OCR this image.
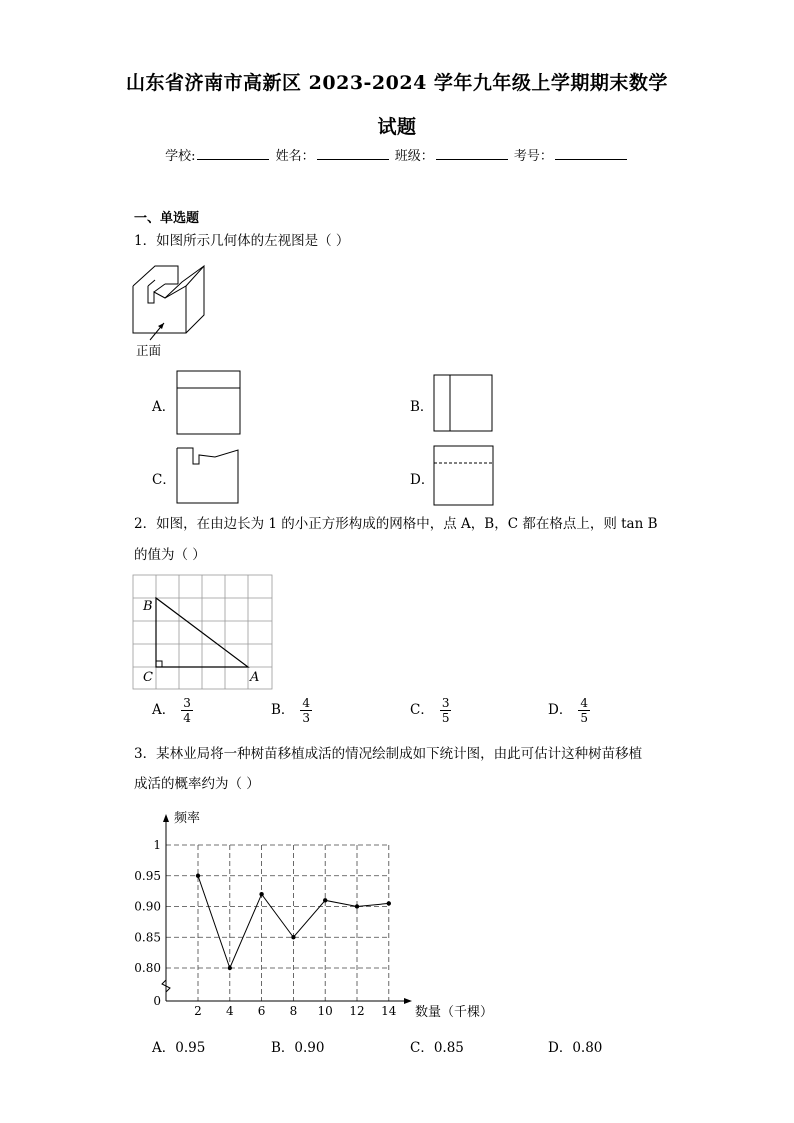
山东省济南市高新区 2023-2024 学年九年级上学期期末数学
试题
学校:	姓名：	班级：	考号：
一、单选题
1．如图所示几何体的左视图是（ ）
正面
A．	B．
C．	D．
2．如图，在由边长为 1 的小正方形构成的网格中，点 A，B，C 都在格点上，则 tan B
的值为（ ）
B
C	A
A． $\frac{3}{4}$	B． $\frac{4}{3}$	C． $\frac{3}{5}$	D． $\frac{4}{5}$
3．某林业局将一种树苗移植成活的情况绘制成如下统计图，由此可估计这种树苗移植
成活的概率约为（ ）
1
0.95
0.90
0.85
0.80
0
2 4 6 8 10 12 14
频率
数量（千棵）
A．0.95	B．0.90	C．0.85	D．0.80
